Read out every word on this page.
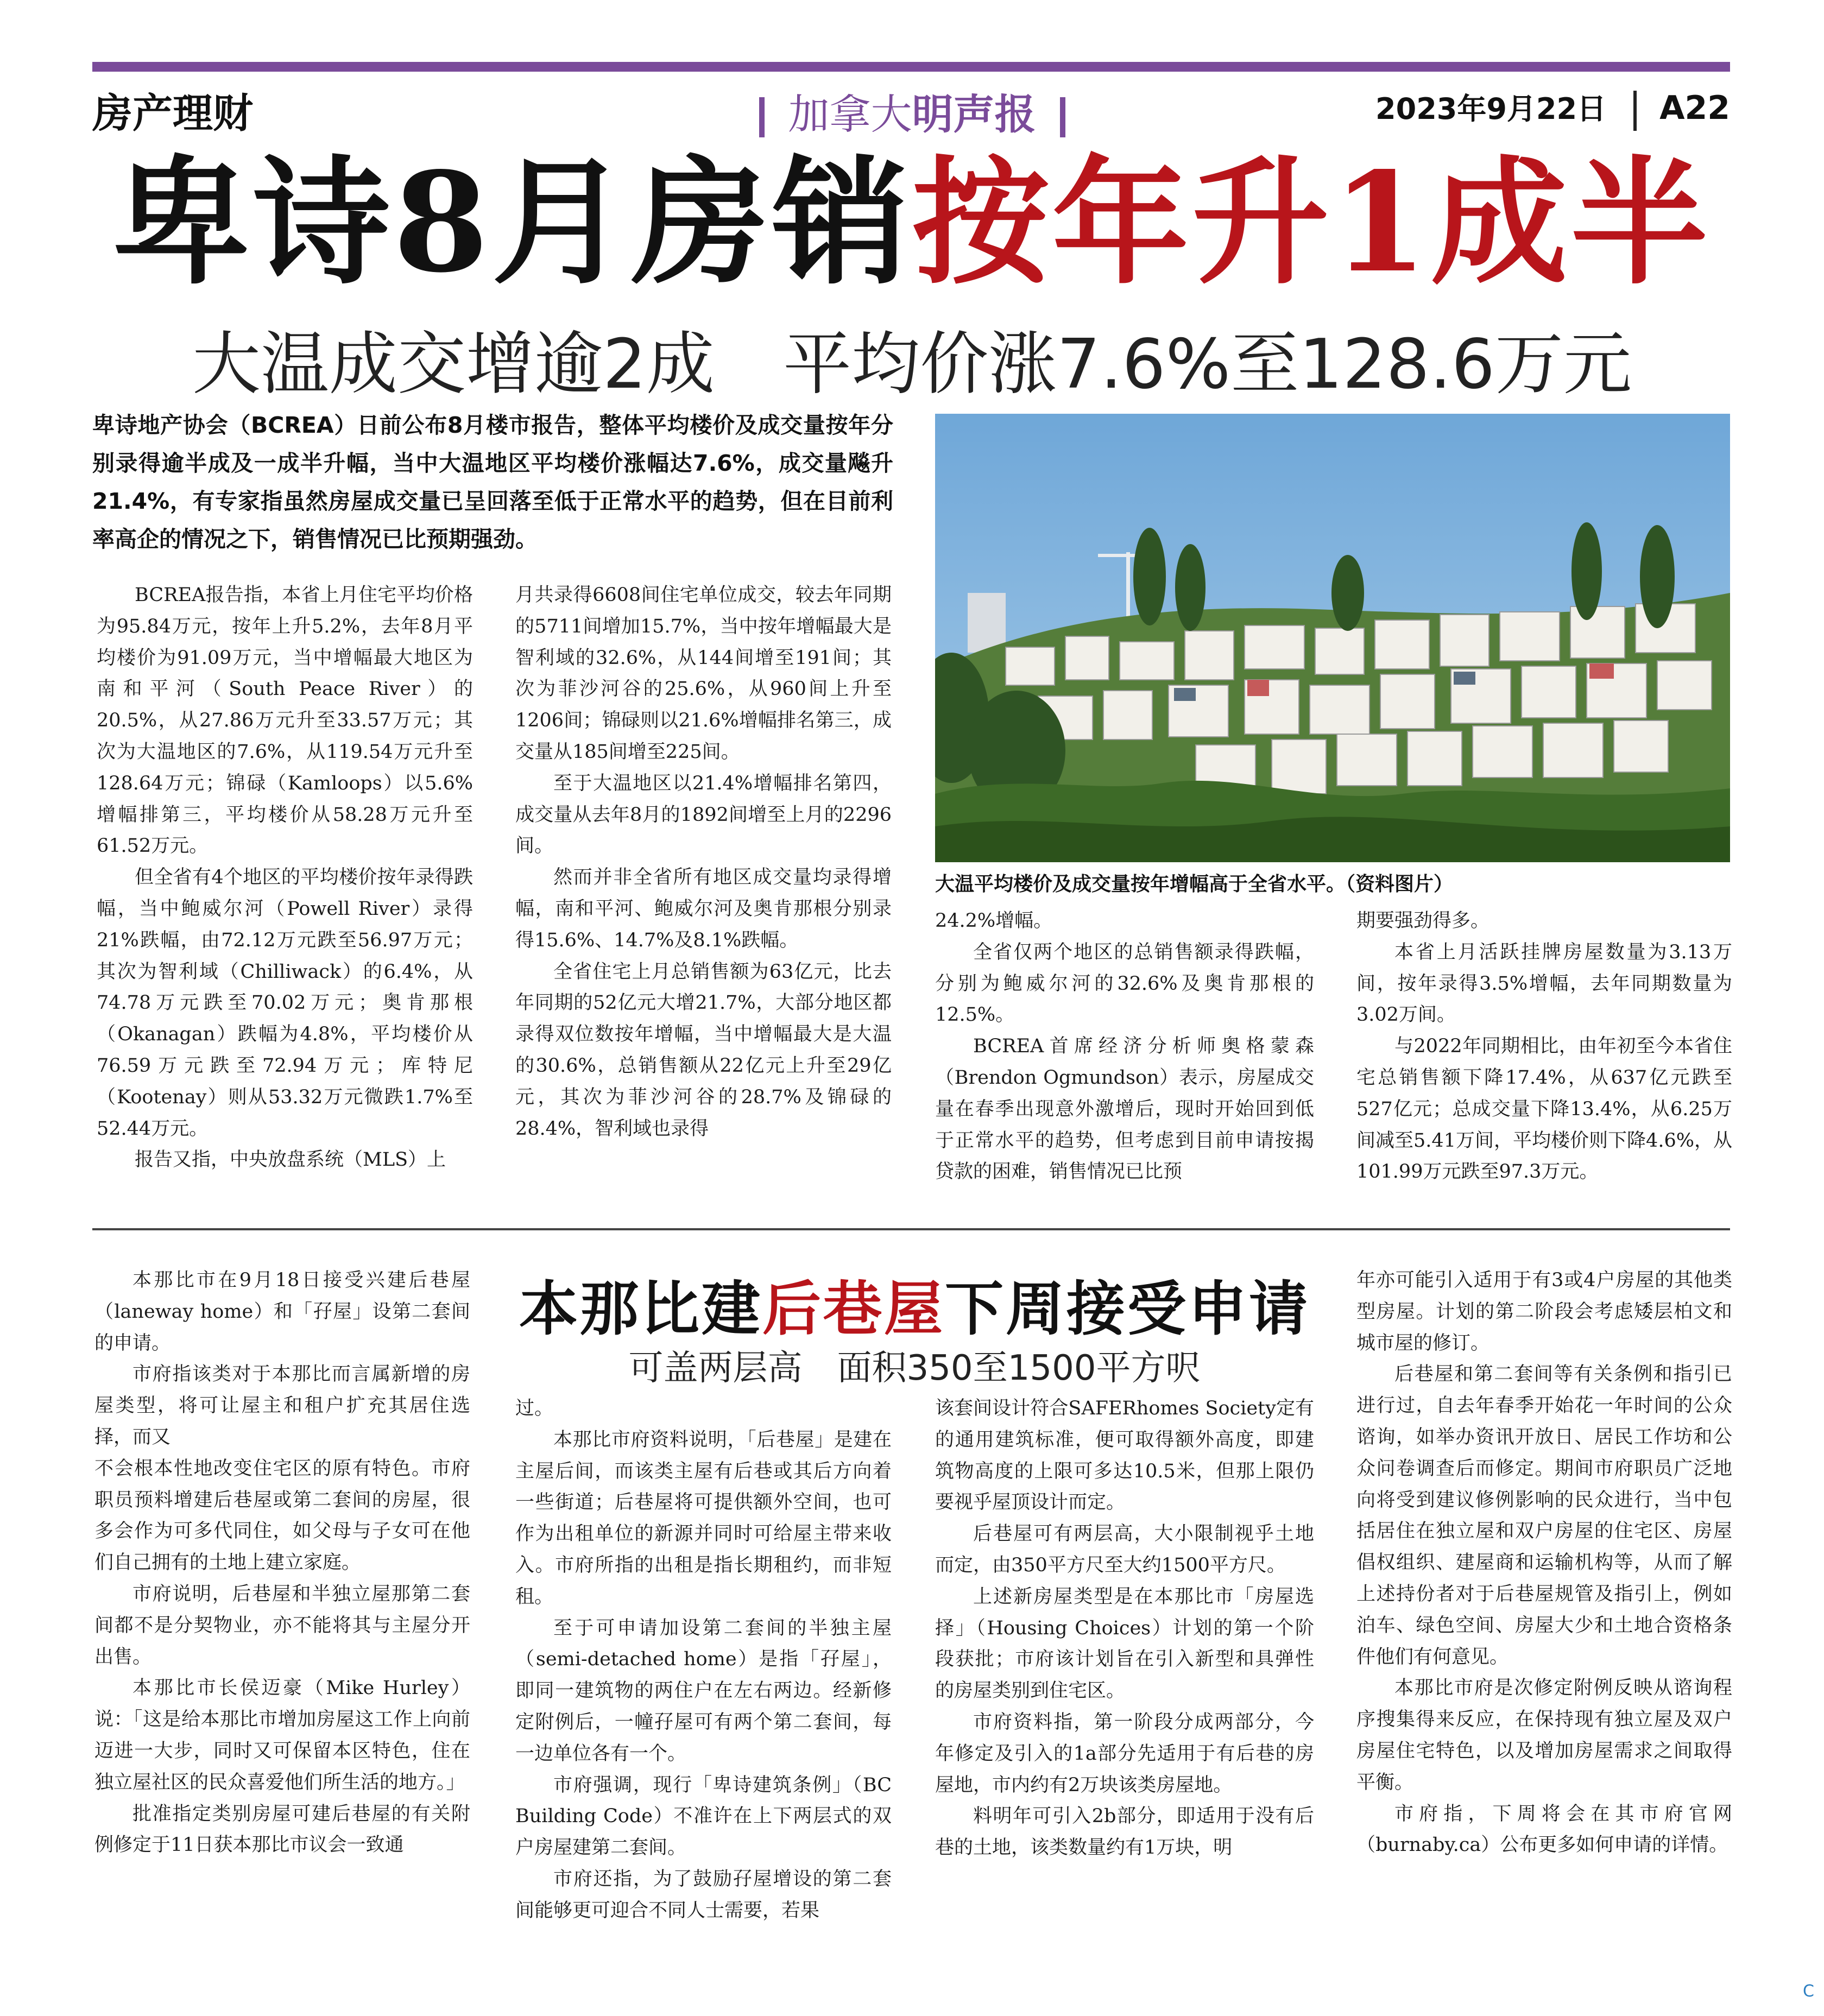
房产理财	加拿大明声报	2023年9月22日 A22
卑诗8月房销按年升1成半
大温成交增逾2成　平均价涨7.6%至128.6万元
卑诗地产协会（BCREA）日前公布8月楼市报告，整体平均楼价及成交量按年分别录得逾半成及一成半升幅，当中大温地区平均楼价涨幅达7.6%，成交量飚升21.4%，有专家指虽然房屋成交量已呈回落至低于正常水平的趋势，但在目前利率高企的情况之下，销售情况已比预期强劲。

BCREA报告指，本省上月住宅平均价格为95.84万元，按年上升5.2%，去年8月平均楼价为91.09万元，当中增幅最大地区为南和平河（South Peace River）的20.5%，从27.86万元升至33.57万元；其次为大温地区的7.6%，从119.54万元升至128.64万元；锦碌（Kamloops）以5.6%增幅排第三，平均楼价从58.28万元升至61.52万元。

但全省有4个地区的平均楼价按年录得跌幅，当中鲍威尔河（Powell River）录得21%跌幅，由72.12万元跌至56.97万元；其次为智利域（Chilliwack）的6.4%，从74.78万元跌至70.02万元；奥肯那根（Okanagan）跌幅为4.8%，平均楼价从76.59万元跌至72.94万元；库特尼（Kootenay）则从53.32万元微跌1.7%至52.44万元。

报告又指，中央放盘系统（MLS）上

月共录得6608间住宅单位成交，较去年同期的5711间增加15.7%，当中按年增幅最大是智利域的32.6%，从144间增至191间；其次为菲沙河谷的25.6%，从960间上升至1206间；锦碌则以21.6%增幅排名第三，成交量从185间增至225间。

至于大温地区以21.4%增幅排名第四，成交量从去年8月的1892间增至上月的2296间。

然而并非全省所有地区成交量均录得增幅，南和平河、鲍威尔河及奥肯那根分别录得15.6%、14.7%及8.1%跌幅。

全省住宅上月总销售额为63亿元，比去年同期的52亿元大增21.7%，大部分地区都录得双位数按年增幅，当中增幅最大是大温的30.6%，总销售额从22亿元上升至29亿元，其次为菲沙河谷的28.7%及锦碌的28.4%，智利域也录得

大温平均楼价及成交量按年增幅高于全省水平。（资料图片）

24.2%增幅。

全省仅两个地区的总销售额录得跌幅，分别为鲍威尔河的32.6%及奥肯那根的12.5%。

BCREA首席经济分析师奥格蒙森（Brendon Ogmundson）表示，房屋成交量在春季出现意外激增后，现时开始回到低于正常水平的趋势，但考虑到目前申请按揭贷款的困难，销售情况已比预

期要强劲得多。

本省上月活跃挂牌房屋数量为3.13万间，按年录得3.5%增幅，去年同期数量为3.02万间。

与2022年同期相比，由年初至今本省住宅总销售额下降17.4%，从637亿元跌至527亿元；总成交量下降13.4%，从6.25万间减至5.41万间，平均楼价则下降4.6%，从101.99万元跌至97.3万元。

本那比市在9月18日接受兴建后巷屋（laneway home）和「孖屋」设第二套间的申请。

市府指该类对于本那比而言属新增的房屋类型，将可让屋主和租户扩充其居住选择，而又

不会根本性地改变住宅区的原有特色。市府职员预料增建后巷屋或第二套间的房屋，很多会作为可多代同住，如父母与子女可在他们自己拥有的土地上建立家庭。

市府说明，后巷屋和半独立屋那第二套间都不是分契物业，亦不能将其与主屋分开出售。

本那比市长侯迈豪（Mike Hurley）说：「这是给本那比市增加房屋这工作上向前迈进一大步，同时又可保留本区特色，住在独立屋社区的民众喜爱他们所生活的地方。」

批准指定类别房屋可建后巷屋的有关附例修定于11日获本那比市议会一致通

本那比建后巷屋下周接受申请
可盖两层高　面积350至1500平方呎

过。

本那比市府资料说明，「后巷屋」是建在主屋后间，而该类主屋有后巷或其后方向着一些街道；后巷屋将可提供额外空间，也可作为出租单位的新源并同时可给屋主带来收入。市府所指的出租是指长期租约，而非短租。

至于可申请加设第二套间的半独主屋（semi-detached home）是指「孖屋」，即同一建筑物的两住户在左右两边。经新修定附例后，一幢孖屋可有两个第二套间，每一边单位各有一个。

市府强调，现行「卑诗建筑条例」（BC Building Code）不准许在上下两层式的双户房屋建第二套间。

市府还指，为了鼓励孖屋增设的第二套间能够更可迎合不同人士需要，若果

该套间设计符合SAFERhomes Society定有的通用建筑标准，便可取得额外高度，即建筑物高度的上限可多达10.5米，但那上限仍要视乎屋顶设计而定。

后巷屋可有两层高，大小限制视乎土地而定，由350平方尺至大约1500平方尺。

上述新房屋类型是在本那比市「房屋选择」（Housing Choices）计划的第一个阶段获批；市府该计划旨在引入新型和具弹性的房屋类别到住宅区。

市府资料指，第一阶段分成两部分，今年修定及引入的1a部分先适用于有后巷的房屋地，市内约有2万块该类房屋地。

料明年可引入2b部分，即适用于没有后巷的土地，该类数量约有1万块，明

年亦可能引入适用于有3或4户房屋的其他类型房屋。计划的第二阶段会考虑矮层柏文和城市屋的修订。

后巷屋和第二套间等有关条例和指引已进行过，自去年春季开始花一年时间的公众谘询，如举办资讯开放日、居民工作坊和公众问卷调查后而修定。期间市府职员广泛地向将受到建议修例影响的民众进行，当中包括居住在独立屋和双户房屋的住宅区、房屋倡权组织、建屋商和运输机构等，从而了解上述持份者对于后巷屋规管及指引上，例如泊车、绿色空间、房屋大少和土地合资格条件他们有何意见。

本那比市府是次修定附例反映从谘询程序搜集得来反应，在保持现有独立屋及双户房屋住宅特色，以及增加房屋需求之间取得平衡。

市府指，下周将会在其市府官网（burnaby.ca）公布更多如何申请的详情。

C
